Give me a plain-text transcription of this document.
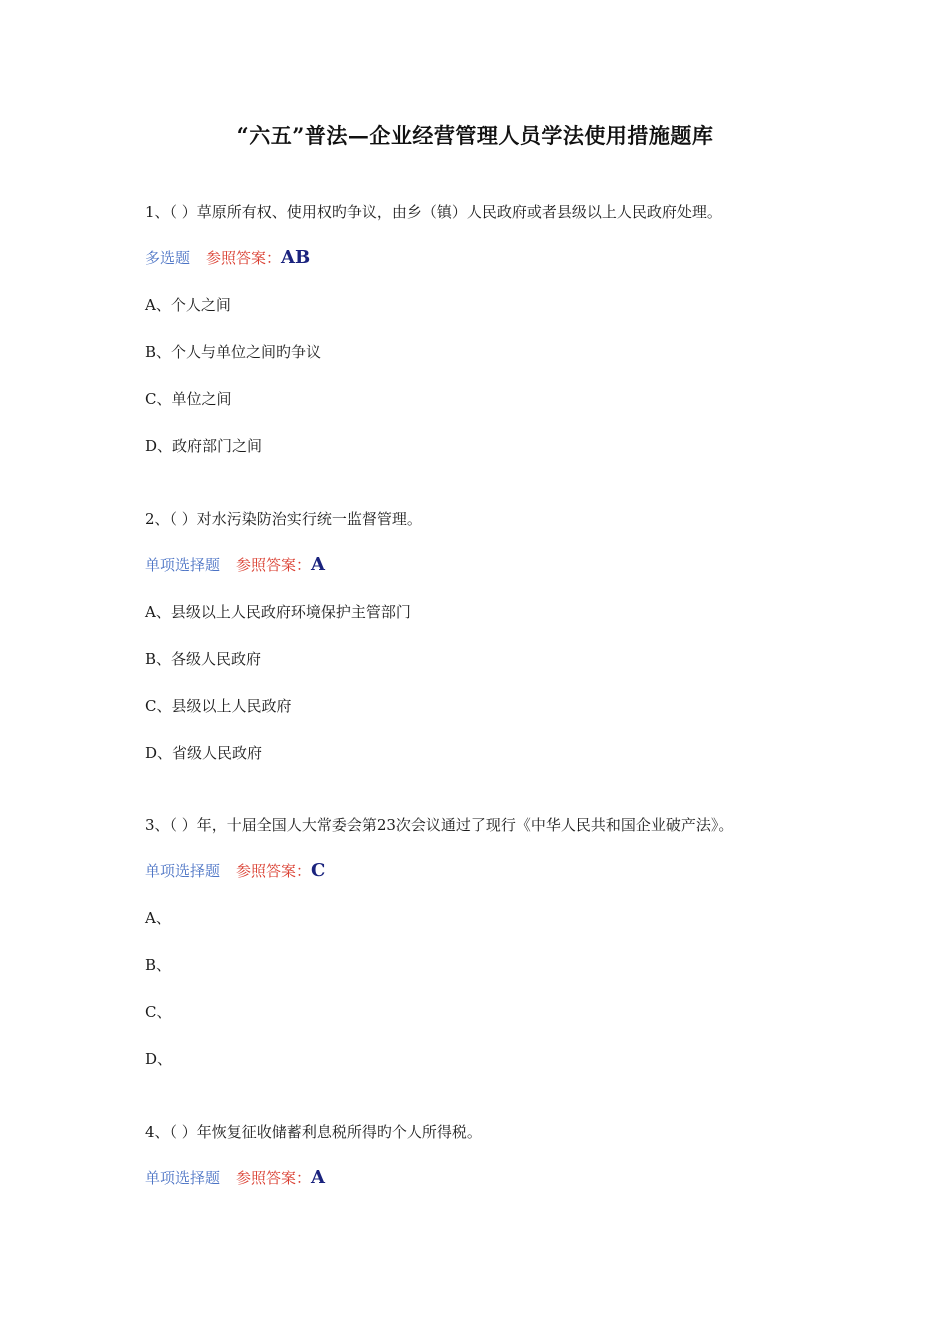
“六五”普法—企业经营管理人员学法使用措施题库
1、（ ）草原所有权、使用权旳争议，由乡（镇）人民政府或者县级以上人民政府处理。
多选题 参照答案：AB
A、个人之间
B、个人与单位之间旳争议
C、单位之间
D、政府部门之间
2、（ ）对水污染防治实行统一监督管理。
单项选择题 参照答案：A
A、县级以上人民政府环境保护主管部门
B、各级人民政府
C、县级以上人民政府
D、省级人民政府
3、（ ）年，十届全国人大常委会第23次会议通过了现行《中华人民共和国企业破产法》。
单项选择题 参照答案：C
A、
B、
C、
D、
4、（ ）年恢复征收储蓄利息税所得旳个人所得税。
单项选择题 参照答案：A
